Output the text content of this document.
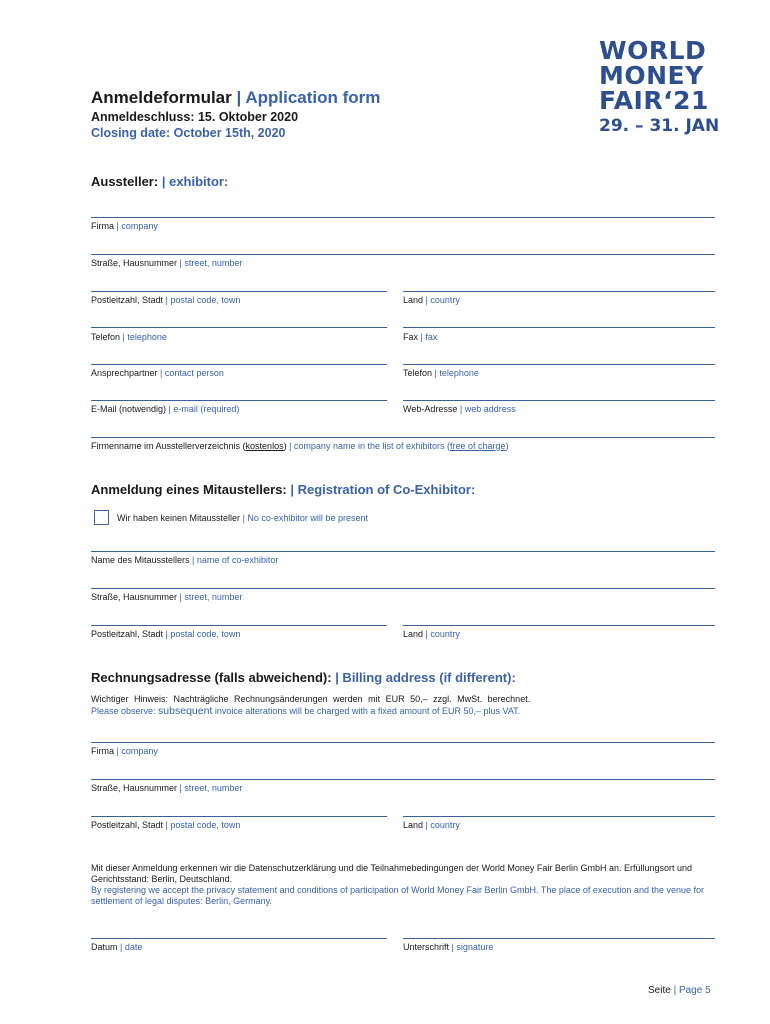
Anmeldeformular | Application form
Anmeldeschluss: 15. Oktober 2020
Closing date: October 15th, 2020
WORLD
MONEY
FAIR‘21
29. – 31. JAN
Aussteller: | exhibitor:
Firma | company
Straße, Hausnummer | street, number
Postleitzahl, Stadt | postal code, town	Land | country
Telefon | telephone	Fax | fax
Ansprechpartner | contact person	Telefon | telephone
E-Mail (notwendig) | e-mail (required)	Web-Adresse | web address
Firmenname im Ausstellerverzeichnis (kostenlos) | company name in the list of exhibitors (free of charge)
Anmeldung eines Mitaustellers: | Registration of Co-Exhibitor:
Wir haben keinen Mitaussteller | No co-exhibitor will be present
Name des Mitausstellers | name of co-exhibitor
Straße, Hausnummer | street, number
Postleitzahl, Stadt | postal code, town	Land | country
Rechnungsadresse (falls abweichend): | Billing address (if different):
Wichtiger Hinweis: Nachträgliche Rechnungsänderungen werden mit EUR 50,– zzgl. MwSt. berechnet.
Please observe: subsequent invoice alterations will be charged with a fixed amount of EUR 50,– plus VAT.
Firma | company
Straße, Hausnummer | street, number
Postleitzahl, Stadt | postal code, town	Land | country
Mit dieser Anmeldung erkennen wir die Datenschutzerklärung und die Teilnahmebedingungen der World Money Fair Berlin GmbH an. Erfüllungsort und Gerichtsstand: Berlin, Deutschland.
By registering we accept the privacy statement and conditions of participation of World Money Fair Berlin GmbH. The place of execution and the venue for settlement of legal disputes: Berlin, Germany.
Datum | date	Unterschrift | signature
Seite | Page 5
